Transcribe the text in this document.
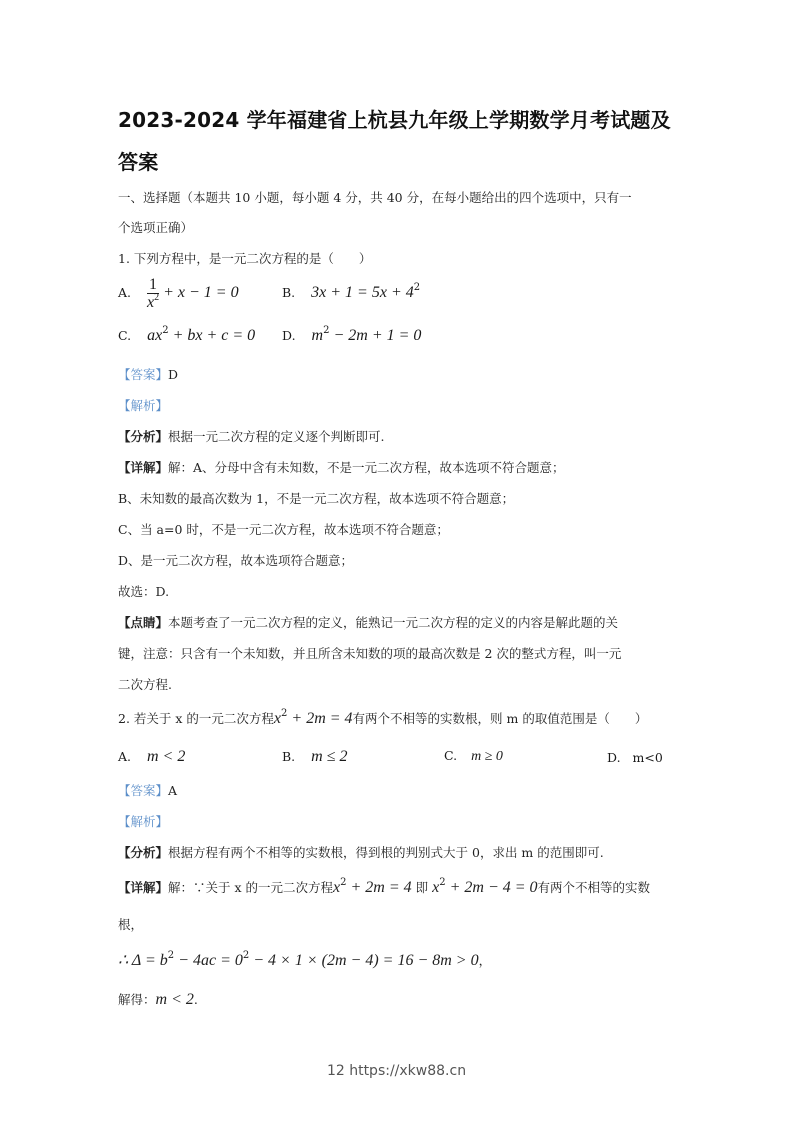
2023-2024 学年福建省上杭县九年级上学期数学月考试题及
答案
一、选择题（本题共 10 小题，每小题 4 分，共 40 分，在每小题给出的四个选项中，只有一
个选项正确）
1. 下列方程中，是一元二次方程的是（　　）
A. $\frac{1}{x^2} + x - 1 = 0$	B. $3x + 1 = 5x + 4^2$
C. $ax^2$ + bx + c = 0 D. $m^2 - 2m + 1 = 0$
【答案】D
【解析】
【分析】根据一元二次方程的定义逐个判断即可.
【详解】解：A、分母中含有未知数，不是一元二次方程，故本选项不符合题意；
B、未知数的最高次数为 1，不是一元二次方程，故本选项不符合题意；
C、当 a=0 时，不是一元二次方程，故本选项不符合题意；
D、是一元二次方程，故本选项符合题意；
故选：D.
【点睛】本题考查了一元二次方程的定义，能熟记一元二次方程的定义的内容是解此题的关
键，注意：只含有一个未知数，并且所含未知数的项的最高次数是 2 次的整式方程，叫一元
二次方程.
2. 若关于 x 的一元二次方程$x^2 + 2m = 4$有两个不相等的实数根，则 m 的取值范围是（　　）
A. m < 2	B. m ≤ 2	C. m ≥ 0	D. m<0
【答案】A
【解析】
【分析】根据方程有两个不相等的实数根，得到根的判别式大于 0，求出 m 的范围即可.
【详解】解：∵关于 x 的一元二次方程$x^2 + 2m = 4$ 即 $x^2 + 2m - 4 = 0$有两个不相等的实数
根，
∴ $\Delta = b^2 - 4ac = 0^2 - 4 \times 1 \times (2m - 4) = 16 - 8m > 0$，
解得：m < 2.
12 https://xkw88.cn
